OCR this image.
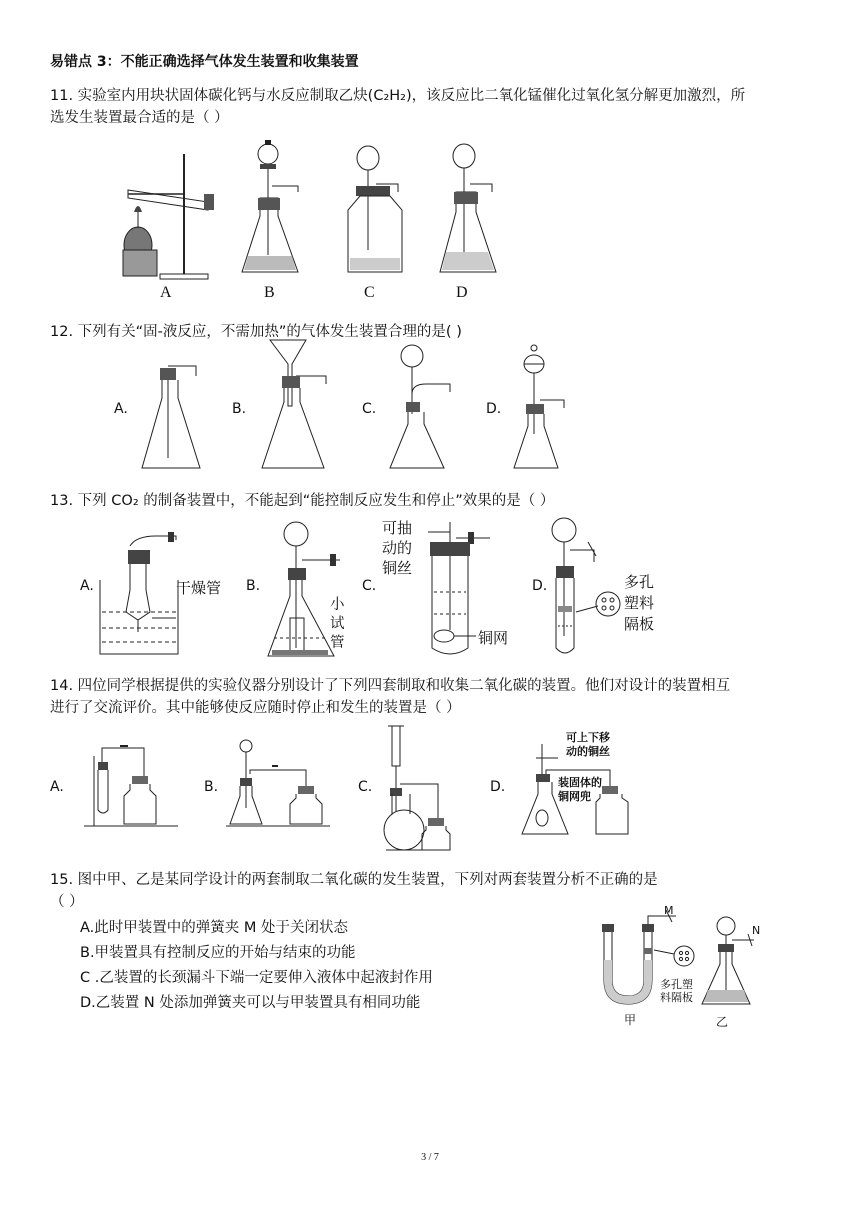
易错点 3：不能正确选择气体发生装置和收集装置
11. 实验室内用块状固体碳化钙与水反应制取乙炔(C₂H₂)，该反应比二氧化锰催化过氧化氢分解更加激烈，所
选发生装置最合适的是（ ）
A	B	C	D
12. 下列有关“固-液反应，不需加热”的气体发生装置合理的是( )
A.	B.	C.	D.
13. 下列 CO₂ 的制备装置中，不能起到“能控制反应发生和停止”效果的是（ ）
A.	干燥管 B.
小
试
管
C.
可抽
动的
铜丝
铜网
D.	多孔
塑料
隔板
14. 四位同学根据提供的实验仪器分别设计了下列四套制取和收集二氧化碳的装置。他们对设计的装置相互
进行了交流评价。其中能够使反应随时停止和发生的装置是（ ）
A.	B.	C.	D.
可上下移
动的铜丝
装固体的
铜网兜
15. 图中甲、乙是某同学设计的两套制取二氧化碳的发生装置，下列对两套装置分析不正确的是
（ ）
A.此时甲装置中的弹簧夹 M 处于关闭状态
B.甲装置具有控制反应的开始与结束的功能
C .乙装置的长颈漏斗下端一定要伸入液体中起液封作用
D.乙装置 N 处添加弹簧夹可以与甲装置具有相同功能
M
N
多孔塑
料隔板
甲	乙
3 / 7
